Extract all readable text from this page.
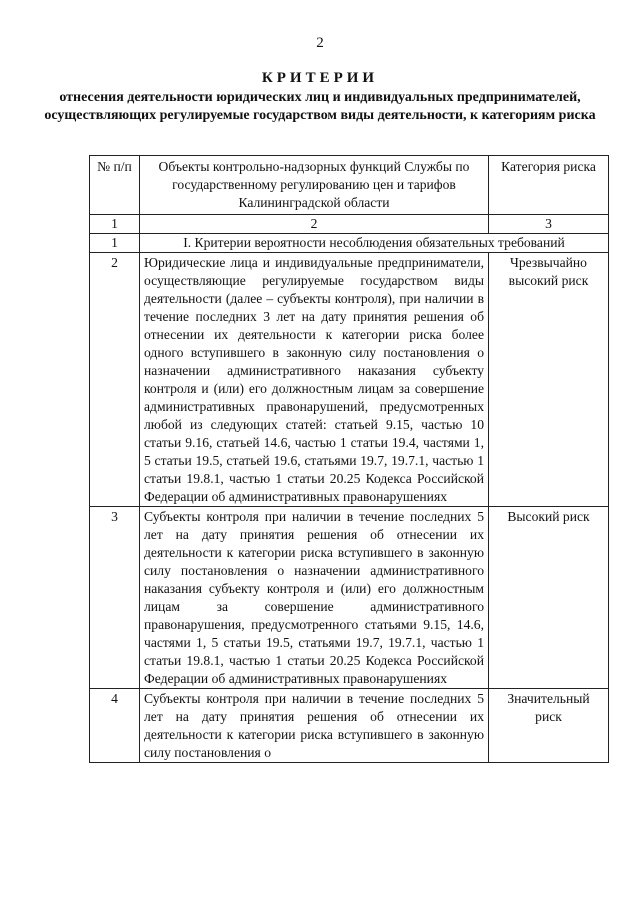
2
КРИТЕРИИ
отнесения деятельности юридических лиц и индивидуальных предпринимателей, осуществляющих регулируемые государством виды деятельности, к категориям риска
№ п/п	Объекты контрольно-надзорных функций Службы по государственному регулированию цен и тарифов Калининградской области	Категория риска
1	2	3
1	I. Критерии вероятности несоблюдения обязательных требований	
2	Юридические лица и индивидуальные предприниматели, осуществляющие регулируемые государством виды деятельности (далее – субъекты контроля), при наличии в течение последних 3 лет на дату принятия решения об отнесении их деятельности к категории риска более одного вступившего в законную силу постановления о назначении административного наказания субъекту контроля и (или) его должностным лицам за совершение административных правонарушений, предусмотренных любой из следующих статей: статьей 9.15, частью 10 статьи 9.16, статьей 14.6, частью 1 статьи 19.4, частями 1, 5 статьи 19.5, статьей 19.6, статьями 19.7, 19.7.1, частью 1 статьи 19.8.1, частью 1 статьи 20.25 Кодекса Российской Федерации об административных правонарушениях	Чрезвычайно высокий риск
3	Субъекты контроля при наличии в течение последних 5 лет на дату принятия решения об отнесении их деятельности к категории риска вступившего в законную силу постановления о назначении административного наказания субъекту контроля и (или) его должностным лицам за совершение административного правонарушения, предусмотренного статьями 9.15, 14.6, частями 1, 5 статьи 19.5, статьями 19.7, 19.7.1, частью 1 статьи 19.8.1, частью 1 статьи 20.25 Кодекса Российской Федерации об административных правонарушениях	Высокий риск
4	Субъекты контроля при наличии в течение последних 5 лет на дату принятия решения об отнесении их деятельности к категории риска вступившего в законную силу постановления о	Значительный риск
